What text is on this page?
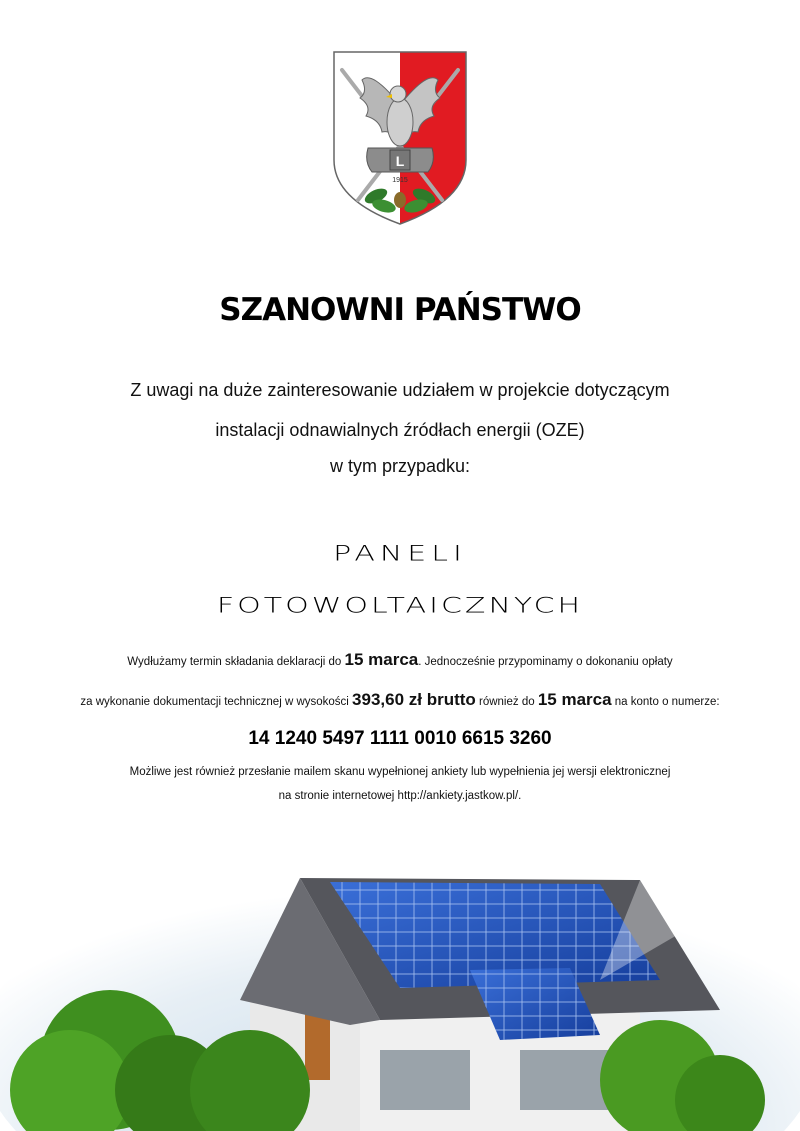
L
1915
SZANOWNI PAŃSTWO
Z uwagi na duże zainteresowanie udziałem w projekcie dotyczącym
instalacji odnawialnych źródłach energii (OZE)
w tym przypadku:
PANELI
FOTOWOLTAICZNYCH
Wydłużamy termin składania deklaracji do 15 marca. Jednocześnie przypominamy o dokonaniu opłaty
za wykonanie dokumentacji technicznej w wysokości 393,60 zł brutto również do 15 marca na konto o numerze:
14 1240 5497 1111 0010 6615 3260
Możliwe jest również przesłanie mailem skanu wypełnionej ankiety lub wypełnienia jej wersji elektronicznej
na stronie internetowej http://ankiety.jastkow.pl/.
